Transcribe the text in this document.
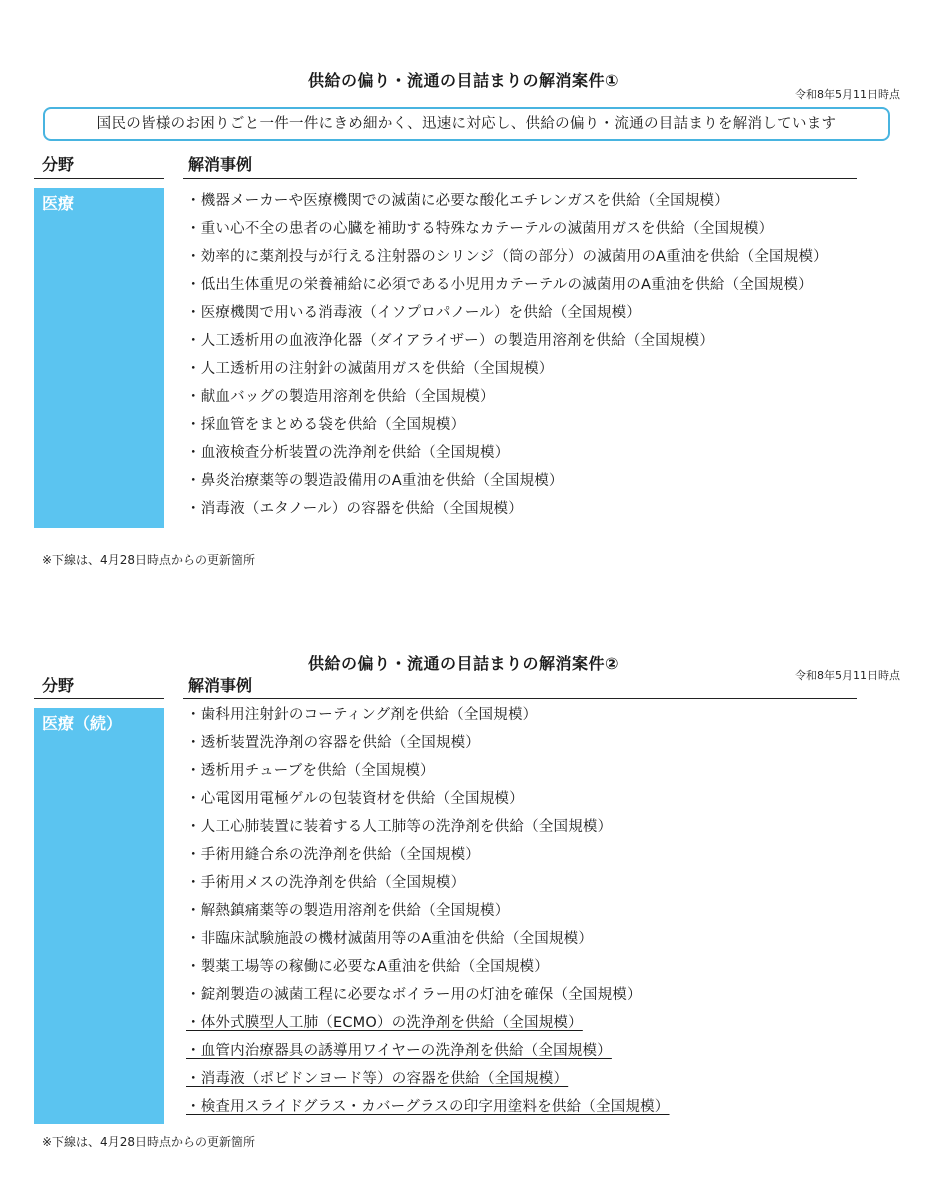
供給の偏り・流通の目詰まりの解消案件①
令和8年5月11日時点
国民の皆様のお困りごと一件一件にきめ細かく、迅速に対応し、供給の偏り・流通の目詰まりを解消しています
分野	解消事例
医療	・機器メーカーや医療機関での滅菌に必要な酸化エチレンガスを供給（全国規模）
・重い心不全の患者の心臓を補助する特殊なカテーテルの滅菌用ガスを供給（全国規模）
・効率的に薬剤投与が行える注射器のシリンジ（筒の部分）の滅菌用のA重油を供給（全国規模）
・低出生体重児の栄養補給に必須である小児用カテーテルの滅菌用のA重油を供給（全国規模）
・医療機関で用いる消毒液（イソプロパノール）を供給（全国規模）
・人工透析用の血液浄化器（ダイアライザー）の製造用溶剤を供給（全国規模）
・人工透析用の注射針の滅菌用ガスを供給（全国規模）
・献血バッグの製造用溶剤を供給（全国規模）
・採血管をまとめる袋を供給（全国規模）
・血液検査分析装置の洗浄剤を供給（全国規模）
・鼻炎治療薬等の製造設備用のA重油を供給（全国規模）
・消毒液（エタノール）の容器を供給（全国規模）
※下線は、4月28日時点からの更新箇所
供給の偏り・流通の目詰まりの解消案件②
令和8年5月11日時点
分野	解消事例
医療（続）	・歯科用注射針のコーティング剤を供給（全国規模）
・透析装置洗浄剤の容器を供給（全国規模）
・透析用チューブを供給（全国規模）
・心電図用電極ゲルの包装資材を供給（全国規模）
・人工心肺装置に装着する人工肺等の洗浄剤を供給（全国規模）
・手術用縫合糸の洗浄剤を供給（全国規模）
・手術用メスの洗浄剤を供給（全国規模）
・解熱鎮痛薬等の製造用溶剤を供給（全国規模）
・非臨床試験施設の機材滅菌用等のA重油を供給（全国規模）
・製薬工場等の稼働に必要なA重油を供給（全国規模）
・錠剤製造の滅菌工程に必要なボイラー用の灯油を確保（全国規模）
・体外式膜型人工肺（ECMO）の洗浄剤を供給（全国規模）
・血管内治療器具の誘導用ワイヤーの洗浄剤を供給（全国規模）
・消毒液（ポビドンヨード等）の容器を供給（全国規模）
・検査用スライドグラス・カバーグラスの印字用塗料を供給（全国規模）
※下線は、4月28日時点からの更新箇所
